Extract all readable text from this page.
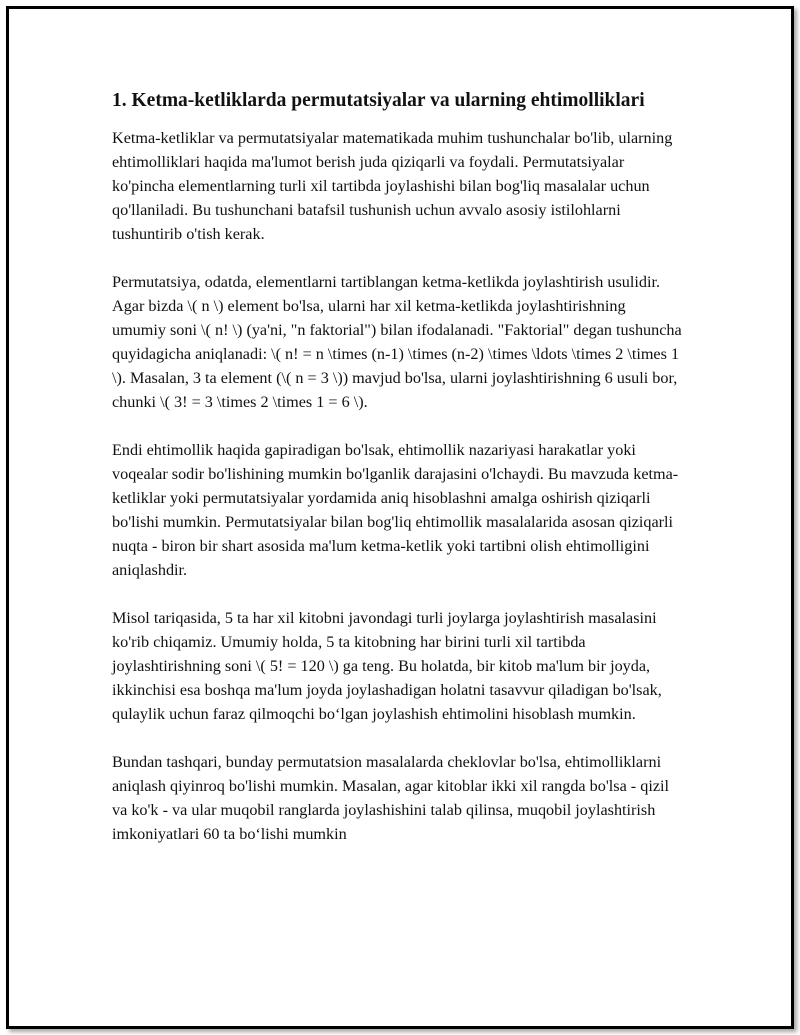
1. Ketma-ketliklarda permutatsiyalar va ularning ehtimolliklari

Ketma-ketliklar va permutatsiyalar matematikada muhim tushunchalar bo'lib, ularning ehtimolliklari haqida ma'lumot berish juda qiziqarli va foydali. Permutatsiyalar ko'pincha elementlarning turli xil tartibda joylashishi bilan bog'liq masalalar uchun qo'llaniladi. Bu tushunchani batafsil tushunish uchun avvalo asosiy istilohlarni tushuntirib o'tish kerak.

Permutatsiya, odatda, elementlarni tartiblangan ketma-ketlikda joylashtirish usulidir. Agar bizda \( n \) element bo'lsa, ularni har xil ketma-ketlikda joylashtirishning umumiy soni \( n! \) (ya'ni, "n faktorial") bilan ifodalanadi. "Faktorial" degan tushuncha quyidagicha aniqlanadi: \( n! = n \times (n-1) \times (n-2) \times \ldots \times 2 \times 1 \). Masalan, 3 ta element (\( n = 3 \)) mavjud bo'lsa, ularni joylashtirishning 6 usuli bor, chunki \( 3! = 3 \times 2 \times 1 = 6 \).

Endi ehtimollik haqida gapiradigan bo'lsak, ehtimollik nazariyasi harakatlar yoki voqealar sodir bo'lishining mumkin bo'lganlik darajasini o'lchaydi. Bu mavzuda ketma-ketliklar yoki permutatsiyalar yordamida aniq hisoblashni amalga oshirish qiziqarli bo'lishi mumkin. Permutatsiyalar bilan bog'liq ehtimollik masalalarida asosan qiziqarli nuqta - biron bir shart asosida ma'lum ketma-ketlik yoki tartibni olish ehtimolligini aniqlashdir.

Misol tariqasida, 5 ta har xil kitobni javondagi turli joylarga joylashtirish masalasini ko'rib chiqamiz. Umumiy holda, 5 ta kitobning har birini turli xil tartibda joylashtirishning soni \( 5! = 120 \) ga teng. Bu holatda, bir kitob ma'lum bir joyda, ikkinchisi esa boshqa ma'lum joyda joylashadigan holatni tasavvur qiladigan bo'lsak, qulaylik uchun faraz qilmoqchi bo‘lgan joylashish ehtimolini hisoblash mumkin.

Bundan tashqari, bunday permutatsion masalalarda cheklovlar bo'lsa, ehtimolliklarni aniqlash qiyinroq bo'lishi mumkin. Masalan, agar kitoblar ikki xil rangda bo'lsa - qizil va ko'k - va ular muqobil ranglarda joylashishini talab qilinsa, muqobil joylashtirish imkoniyatlari 60 ta bo‘lishi mumkin
